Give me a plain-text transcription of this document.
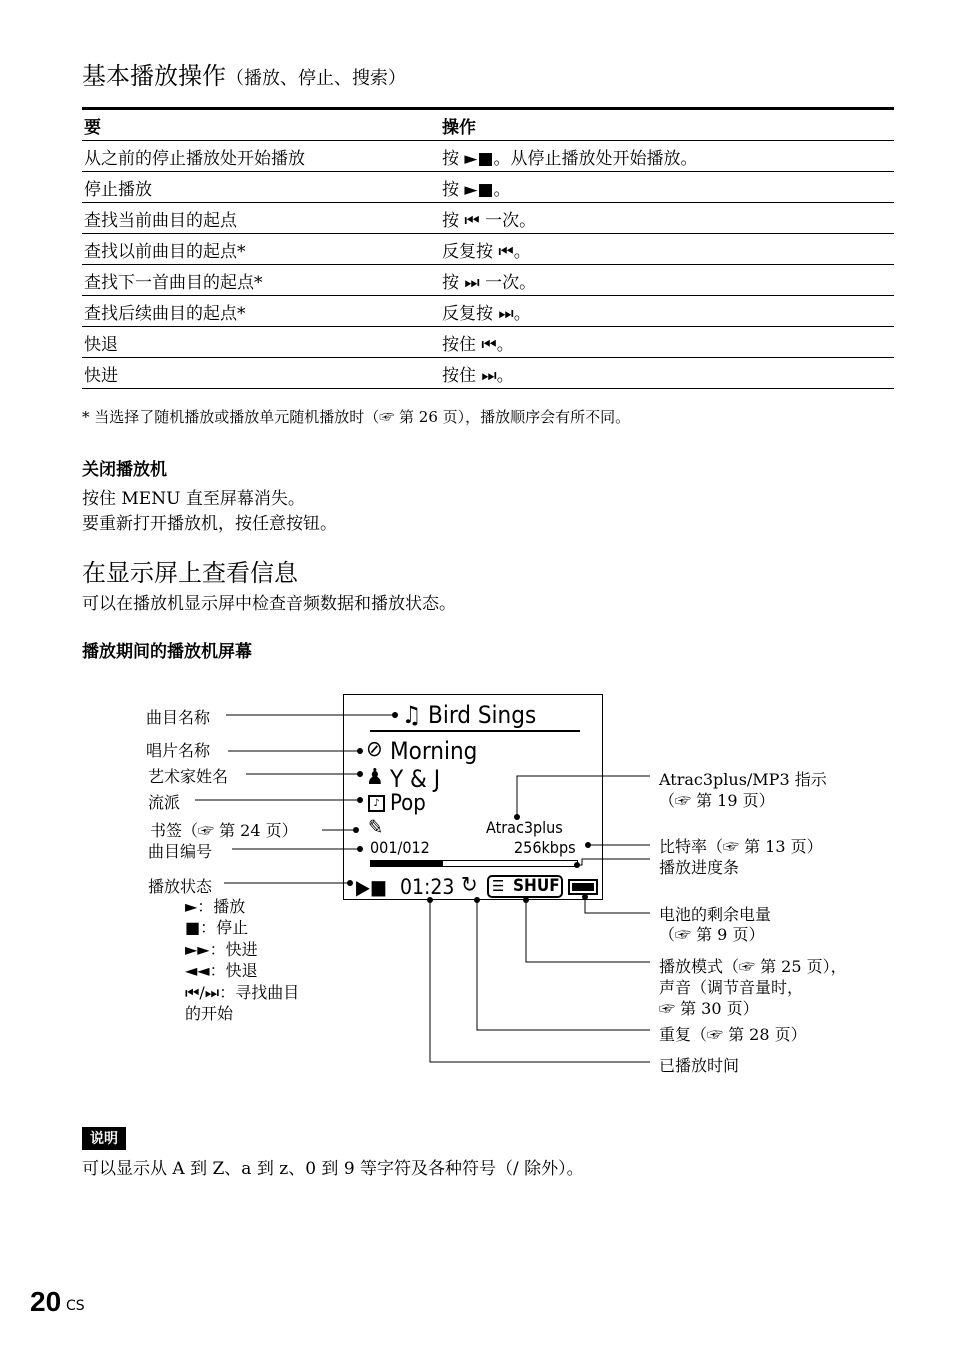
基本播放操作（播放、停止、搜索）
要	操作
从之前的停止播放处开始播放	按 ►■。从停止播放处开始播放。
停止播放	按 ►■。
查找当前曲目的起点	按 ⏮ 一次。
查找以前曲目的起点*	反复按 ⏮。
查找下一首曲目的起点*	按 ⏭ 一次。
查找后续曲目的起点*	反复按 ⏭。
快退	按住 ⏮。
快进	按住 ⏭。
* 当选择了随机播放或播放单元随机播放时（☞ 第 26 页），播放顺序会有所不同。
关闭播放机
按住 MENU 直至屏幕消失。
要重新打开播放机，按任意按钮。
在显示屏上查看信息
可以在播放机显示屏中检查音频数据和播放状态。
播放期间的播放机屏幕
♫ Bird Sings
⊘ Morning
♟ Y & J
♪ Pop
✎	Atrac3plus
001/012	256kbps
▶■ 01:23 ↻ ☰ SHUF
曲目名称
唱片名称
艺术家姓名
流派
书签（☞ 第 24 页）
曲目编号
播放状态
►：播放
■：停止
►►：快进
◄◄：快退
⏮/⏭：寻找曲目
的开始
Atrac3plus/MP3 指示
（☞ 第 19 页）
比特率（☞ 第 13 页）
播放进度条
电池的剩余电量
（☞ 第 9 页）
播放模式（☞ 第 25 页），
声音（调节音量时，
☞ 第 30 页）
重复（☞ 第 28 页）
已播放时间
说明
可以显示从 A 到 Z、a 到 z、0 到 9 等字符及各种符号（/ 除外）。
20 CS
